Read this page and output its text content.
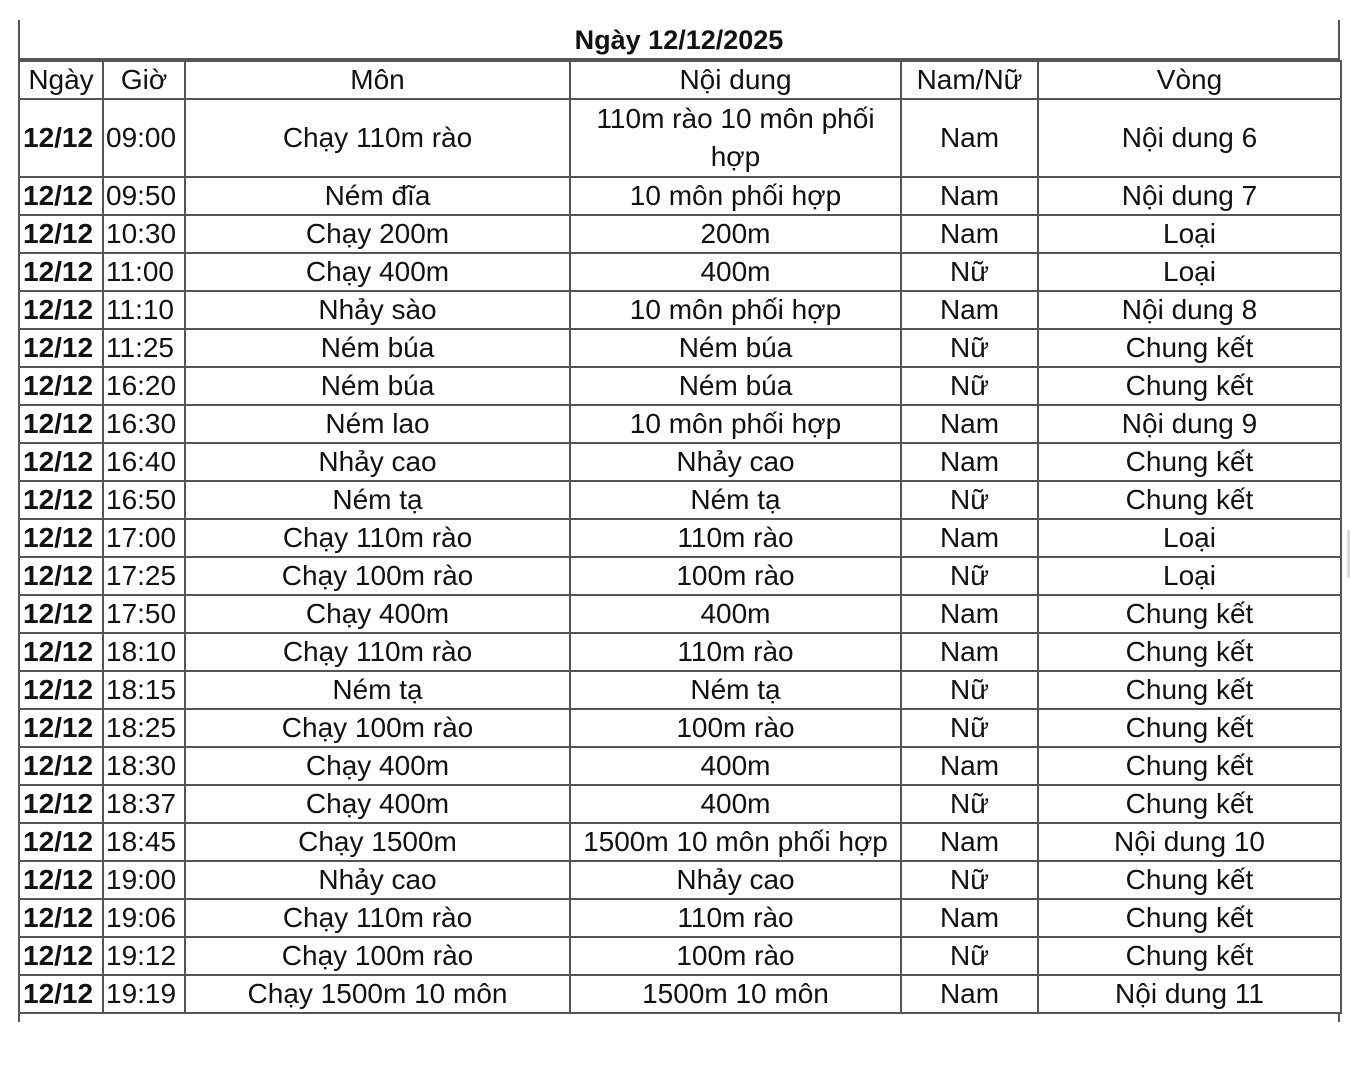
Ngày 12/12/2025
Ngày	Giờ	Môn	Nội dung	Nam/Nữ	Vòng
12/12	09:00	Chạy 110m rào	110m rào 10 môn phối hợp	Nam	Nội dung 6
12/12	09:50	Ném đĩa	10 môn phối hợp	Nam	Nội dung 7
12/12	10:30	Chạy 200m	200m	Nam	Loại
12/12	11:00	Chạy 400m	400m	Nữ	Loại
12/12	11:10	Nhảy sào	10 môn phối hợp	Nam	Nội dung 8
12/12	11:25	Ném búa	Ném búa	Nữ	Chung kết
12/12	16:20	Ném búa	Ném búa	Nữ	Chung kết
12/12	16:30	Ném lao	10 môn phối hợp	Nam	Nội dung 9
12/12	16:40	Nhảy cao	Nhảy cao	Nam	Chung kết
12/12	16:50	Ném tạ	Ném tạ	Nữ	Chung kết
12/12	17:00	Chạy 110m rào	110m rào	Nam	Loại
12/12	17:25	Chạy 100m rào	100m rào	Nữ	Loại
12/12	17:50	Chạy 400m	400m	Nam	Chung kết
12/12	18:10	Chạy 110m rào	110m rào	Nam	Chung kết
12/12	18:15	Ném tạ	Ném tạ	Nữ	Chung kết
12/12	18:25	Chạy 100m rào	100m rào	Nữ	Chung kết
12/12	18:30	Chạy 400m	400m	Nam	Chung kết
12/12	18:37	Chạy 400m	400m	Nữ	Chung kết
12/12	18:45	Chạy 1500m	1500m 10 môn phối hợp	Nam	Nội dung 10
12/12	19:00	Nhảy cao	Nhảy cao	Nữ	Chung kết
12/12	19:06	Chạy 110m rào	110m rào	Nam	Chung kết
12/12	19:12	Chạy 100m rào	100m rào	Nữ	Chung kết
12/12	19:19	Chạy 1500m 10 môn	1500m 10 môn	Nam	Nội dung 11
